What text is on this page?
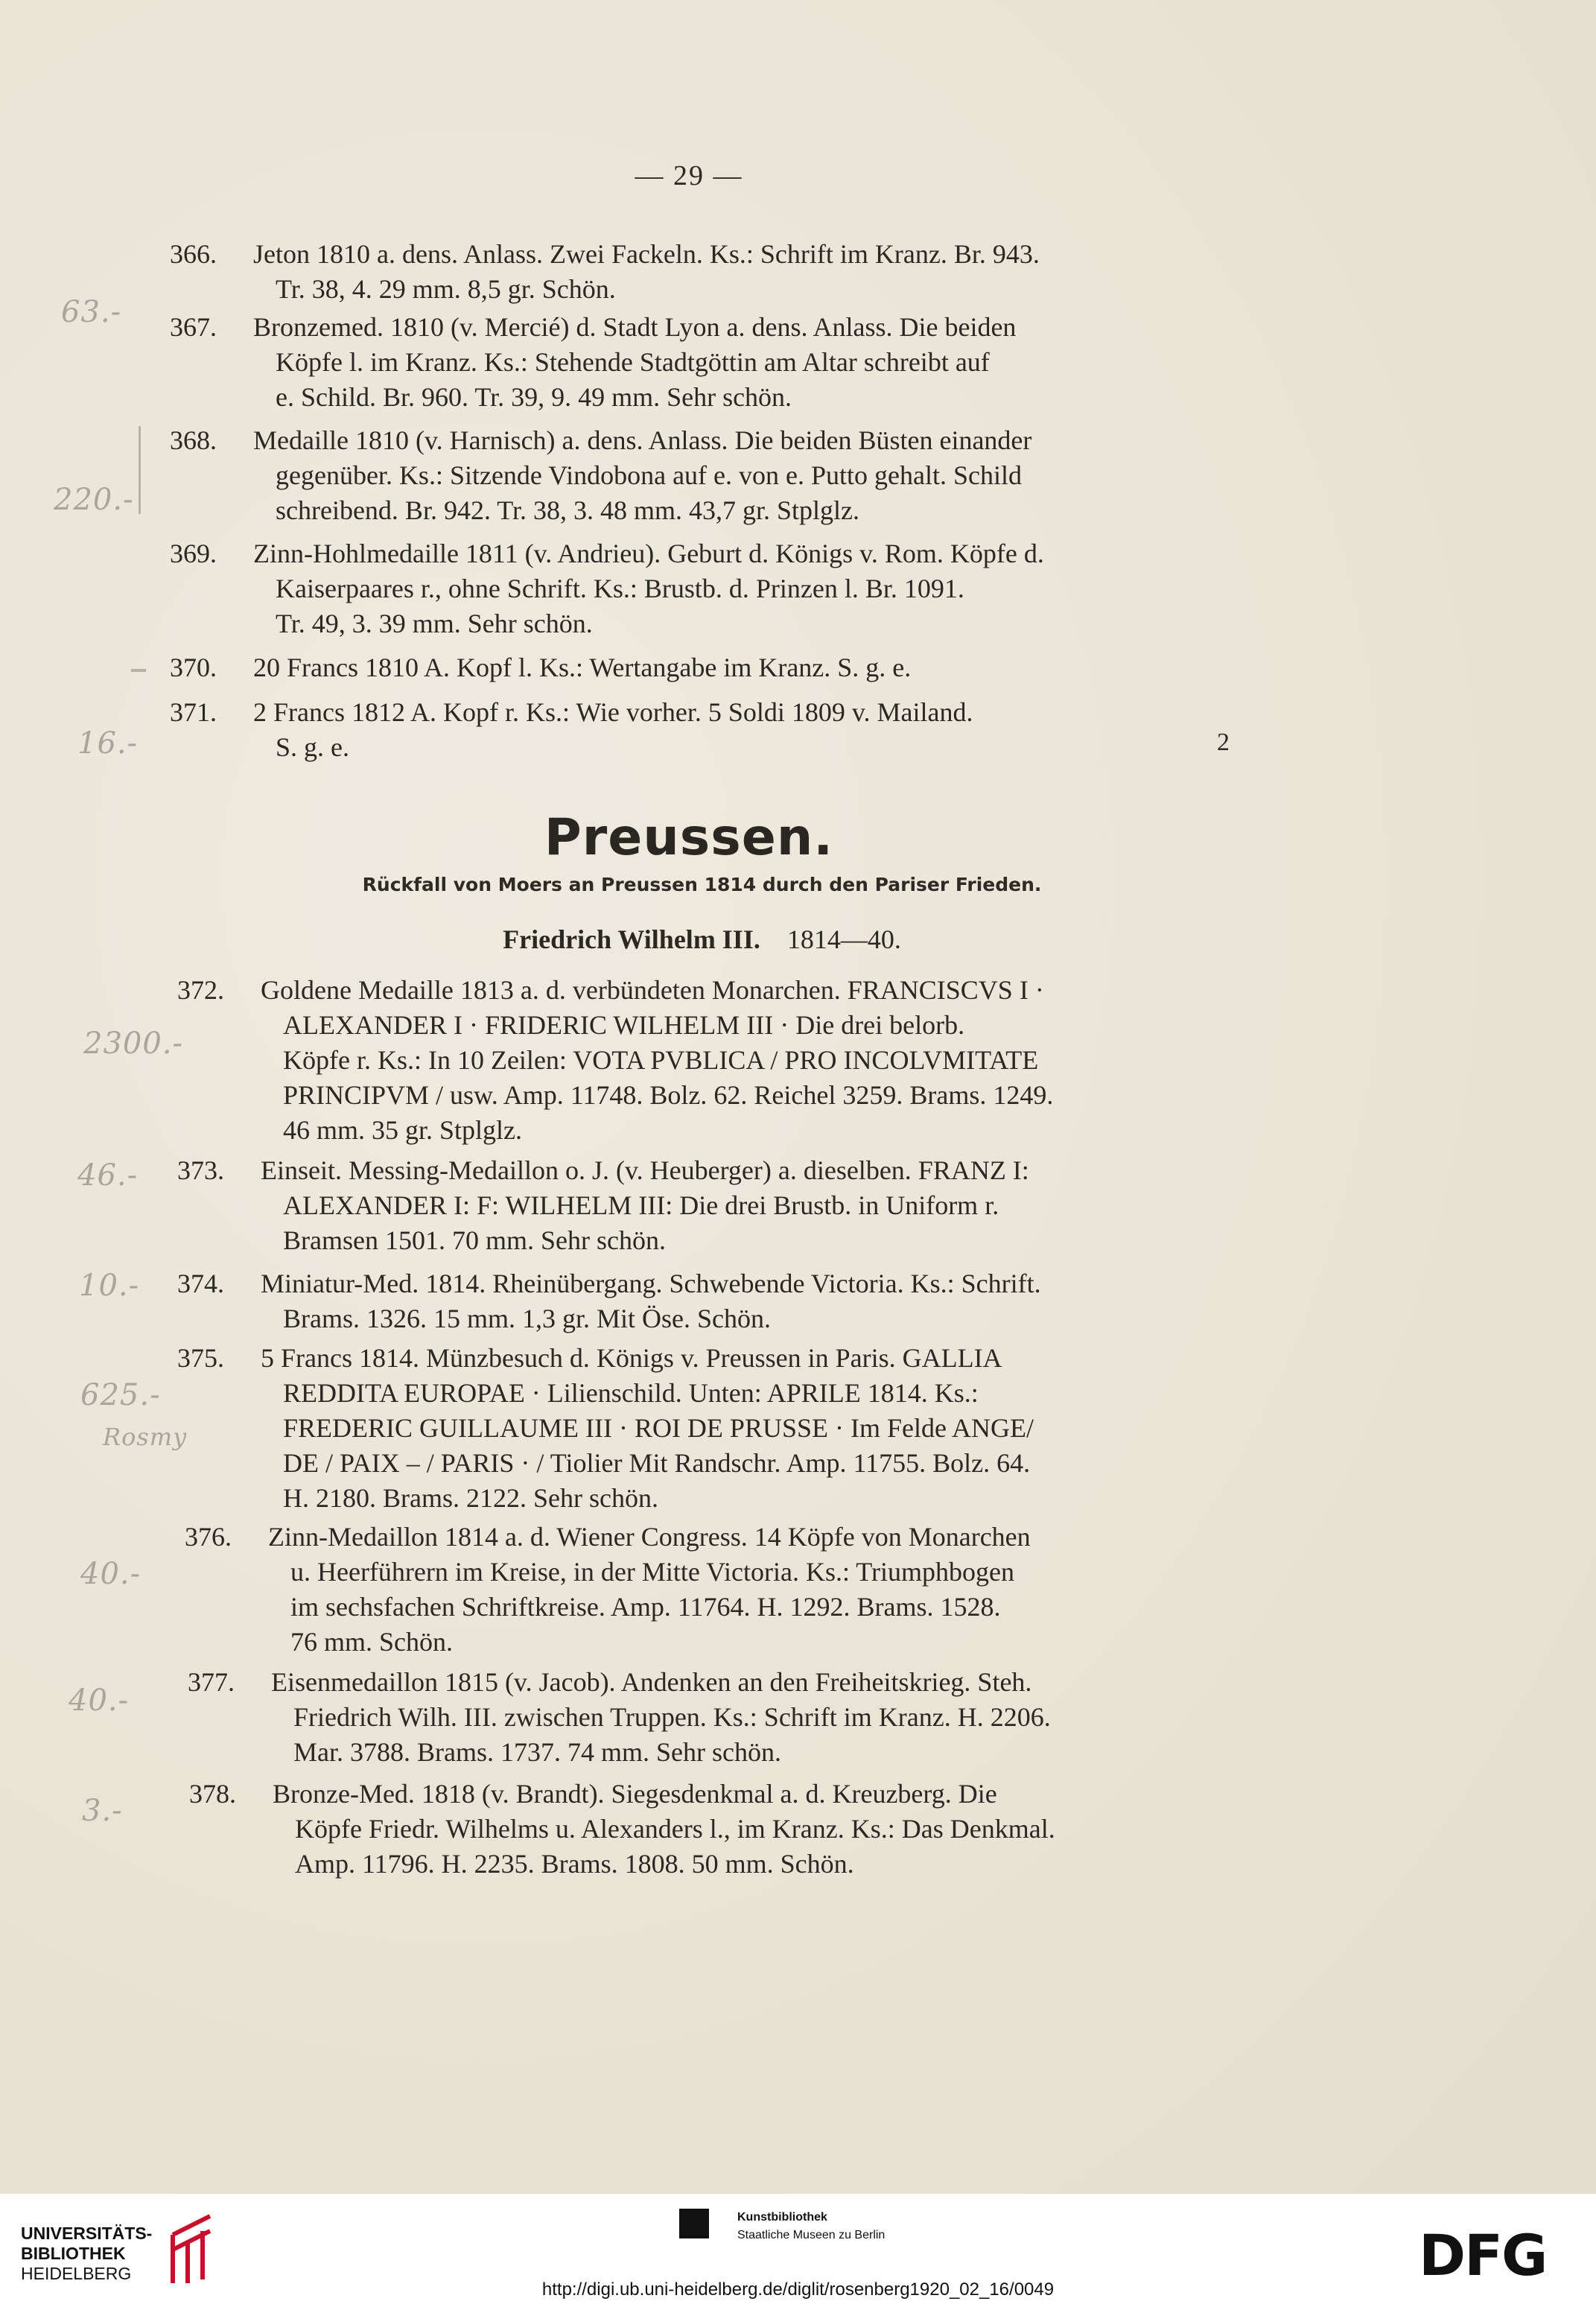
— 29 —
366.	Jeton 1810 a. dens. Anlass. Zwei Fackeln. Ks.: Schrift im Kranz. Br. 943.
Tr. 38, 4. 29 mm. 8,5 gr. Schön.
367.	Bronzemed. 1810 (v. Mercié) d. Stadt Lyon a. dens. Anlass. Die beiden
Köpfe l. im Kranz. Ks.: Stehende Stadtgöttin am Altar schreibt auf
e. Schild. Br. 960. Tr. 39, 9. 49 mm. Sehr schön.
368.	Medaille 1810 (v. Harnisch) a. dens. Anlass. Die beiden Büsten einander
gegenüber. Ks.: Sitzende Vindobona auf e. von e. Putto gehalt. Schild
schreibend. Br. 942. Tr. 38, 3. 48 mm. 43,7 gr. Stplglz.
369.	Zinn-Hohlmedaille 1811 (v. Andrieu). Geburt d. Königs v. Rom. Köpfe d.
Kaiserpaares r., ohne Schrift. Ks.: Brustb. d. Prinzen l. Br. 1091.
Tr. 49, 3. 39 mm. Sehr schön.
370.	20 Francs 1810 A. Kopf l. Ks.: Wertangabe im Kranz. S. g. e.
371.	2 Francs 1812 A. Kopf r. Ks.: Wie vorher. 5 Soldi 1809 v. Mailand.
S. g. e.	2
Preussen.
Rückfall von Moers an Preussen 1814 durch den Pariser Frieden.
Friedrich Wilhelm III. 1814—40.
372.	Goldene Medaille 1813 a. d. verbündeten Monarchen. FRANCISCVS I ·
ALEXANDER I · FRIDERIC WILHELM III · Die drei belorb.
Köpfe r. Ks.: In 10 Zeilen: VOTA PVBLICA / PRO INCOLVMITATE
PRINCIPVM / usw. Amp. 11748. Bolz. 62. Reichel 3259. Brams. 1249.
46 mm. 35 gr. Stplglz.
373.	Einseit. Messing-Medaillon o. J. (v. Heuberger) a. dieselben. FRANZ I:
ALEXANDER I: F: WILHELM III: Die drei Brustb. in Uniform r.
Bramsen 1501. 70 mm. Sehr schön.
374.	Miniatur-Med. 1814. Rheinübergang. Schwebende Victoria. Ks.: Schrift.
Brams. 1326. 15 mm. 1,3 gr. Mit Öse. Schön.
375.	5 Francs 1814. Münzbesuch d. Königs v. Preussen in Paris. GALLIA
REDDITA EUROPAE · Lilienschild. Unten: APRILE 1814. Ks.:
FREDERIC GUILLAUME III · ROI DE PRUSSE · Im Felde ANGE/
DE / PAIX – / PARIS · / Tiolier Mit Randschr. Amp. 11755. Bolz. 64.
H. 2180. Brams. 2122. Sehr schön.
376.	Zinn-Medaillon 1814 a. d. Wiener Congress. 14 Köpfe von Monarchen
u. Heerführern im Kreise, in der Mitte Victoria. Ks.: Triumphbogen
im sechsfachen Schriftkreise. Amp. 11764. H. 1292. Brams. 1528.
76 mm. Schön.
377.	Eisenmedaillon 1815 (v. Jacob). Andenken an den Freiheitskrieg. Steh.
Friedrich Wilh. III. zwischen Truppen. Ks.: Schrift im Kranz. H. 2206.
Mar. 3788. Brams. 1737. 74 mm. Sehr schön.
378.	Bronze-Med. 1818 (v. Brandt). Siegesdenkmal a. d. Kreuzberg. Die
Köpfe Friedr. Wilhelms u. Alexanders l., im Kranz. Ks.: Das Denkmal.
Amp. 11796. H. 2235. Brams. 1808. 50 mm. Schön.
63.-
220.-
16.-
2300.-
46.-
10.-
625.-
Rosmy
40.-
40.-
3.-
UNIVERSITÄTS-
BIBLIOTHEK
HEIDELBERG
Kunstbibliothek
Staatliche Museen zu Berlin	DFG
http://digi.ub.uni-heidelberg.de/diglit/rosenberg1920_02_16/0049
